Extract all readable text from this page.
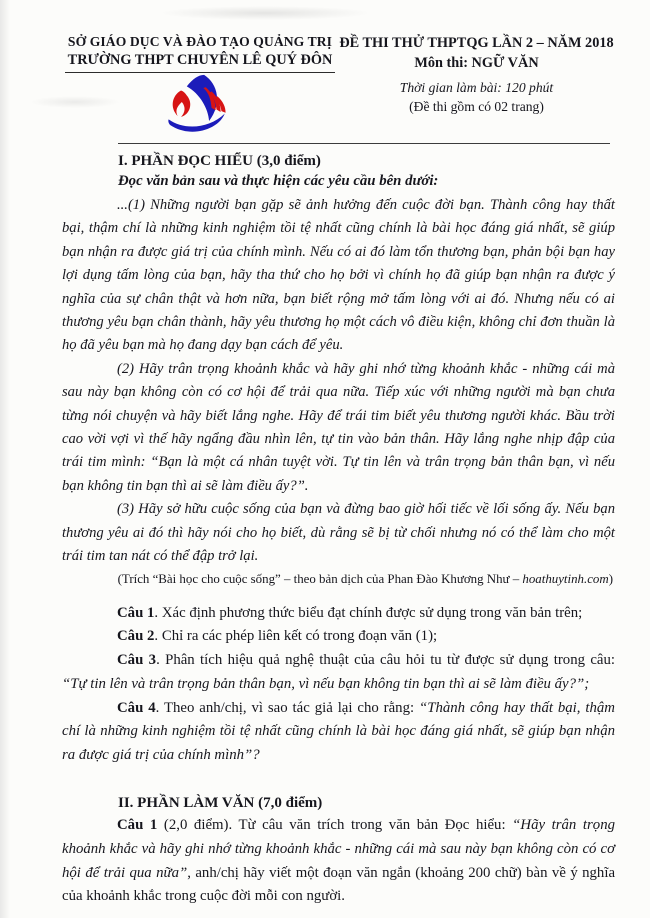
SỞ GIÁO DỤC VÀ ĐÀO TẠO QUẢNG TRỊ
TRƯỜNG THPT CHUYÊN LÊ QUÝ ĐÔN
ĐỀ THI THỬ THPTQG LẦN 2 – NĂM 2018
Môn thi: NGỮ VĂN
Thời gian làm bài: 120 phút
(Đề thi gồm có 02 trang)
I. PHẦN ĐỌC HIỂU (3,0 điểm)

Đọc văn bản sau và thực hiện các yêu cầu bên dưới:

...(1) Những người bạn gặp sẽ ảnh hưởng đến cuộc đời bạn. Thành công hay thất bại, thậm chí là những kinh nghiệm tồi tệ nhất cũng chính là bài học đáng giá nhất, sẽ giúp bạn nhận ra được giá trị của chính mình. Nếu có ai đó làm tổn thương bạn, phản bội bạn hay lợi dụng tấm lòng của bạn, hãy tha thứ cho họ bởi vì chính họ đã giúp bạn nhận ra được ý nghĩa của sự chân thật và hơn nữa, bạn biết rộng mở tấm lòng với ai đó. Nhưng nếu có ai thương yêu bạn chân thành, hãy yêu thương họ một cách vô điều kiện, không chỉ đơn thuần là họ đã yêu bạn mà họ đang dạy bạn cách để yêu.

(2) Hãy trân trọng khoảnh khắc và hãy ghi nhớ từng khoảnh khắc - những cái mà sau này bạn không còn có cơ hội để trải qua nữa. Tiếp xúc với những người mà bạn chưa từng nói chuyện và hãy biết lắng nghe. Hãy để trái tim biết yêu thương người khác. Bầu trời cao vời vợi vì thế hãy ngẩng đầu nhìn lên, tự tin vào bản thân. Hãy lắng nghe nhịp đập của trái tim mình: “Bạn là một cá nhân tuyệt vời. Tự tin lên và trân trọng bản thân bạn, vì nếu bạn không tin bạn thì ai sẽ làm điều ấy?”.

(3) Hãy sở hữu cuộc sống của bạn và đừng bao giờ hối tiếc về lối sống ấy. Nếu bạn thương yêu ai đó thì hãy nói cho họ biết, dù rằng sẽ bị từ chối nhưng nó có thể làm cho một trái tim tan nát có thể đập trở lại.

(Trích “Bài học cho cuộc sống” – theo bản dịch của Phan Đào Khương Như – hoathuytinh.com)

Câu 1. Xác định phương thức biểu đạt chính được sử dụng trong văn bản trên;

Câu 2. Chỉ ra các phép liên kết có trong đoạn văn (1);

Câu 3. Phân tích hiệu quả nghệ thuật của câu hỏi tu từ được sử dụng trong câu: “Tự tin lên và trân trọng bản thân bạn, vì nếu bạn không tin bạn thì ai sẽ làm điều ấy?”;

Câu 4. Theo anh/chị, vì sao tác giả lại cho rằng: “Thành công hay thất bại, thậm chí là những kinh nghiệm tồi tệ nhất cũng chính là bài học đáng giá nhất, sẽ giúp bạn nhận ra được giá trị của chính mình”?

II. PHẦN LÀM VĂN (7,0 điểm)

Câu 1 (2,0 điểm). Từ câu văn trích trong văn bản Đọc hiểu: “Hãy trân trọng khoảnh khắc và hãy ghi nhớ từng khoảnh khắc - những cái mà sau này bạn không còn có cơ hội để trải qua nữa”, anh/chị hãy viết một đoạn văn ngắn (khoảng 200 chữ) bàn về ý nghĩa của khoảnh khắc trong cuộc đời mỗi con người.
